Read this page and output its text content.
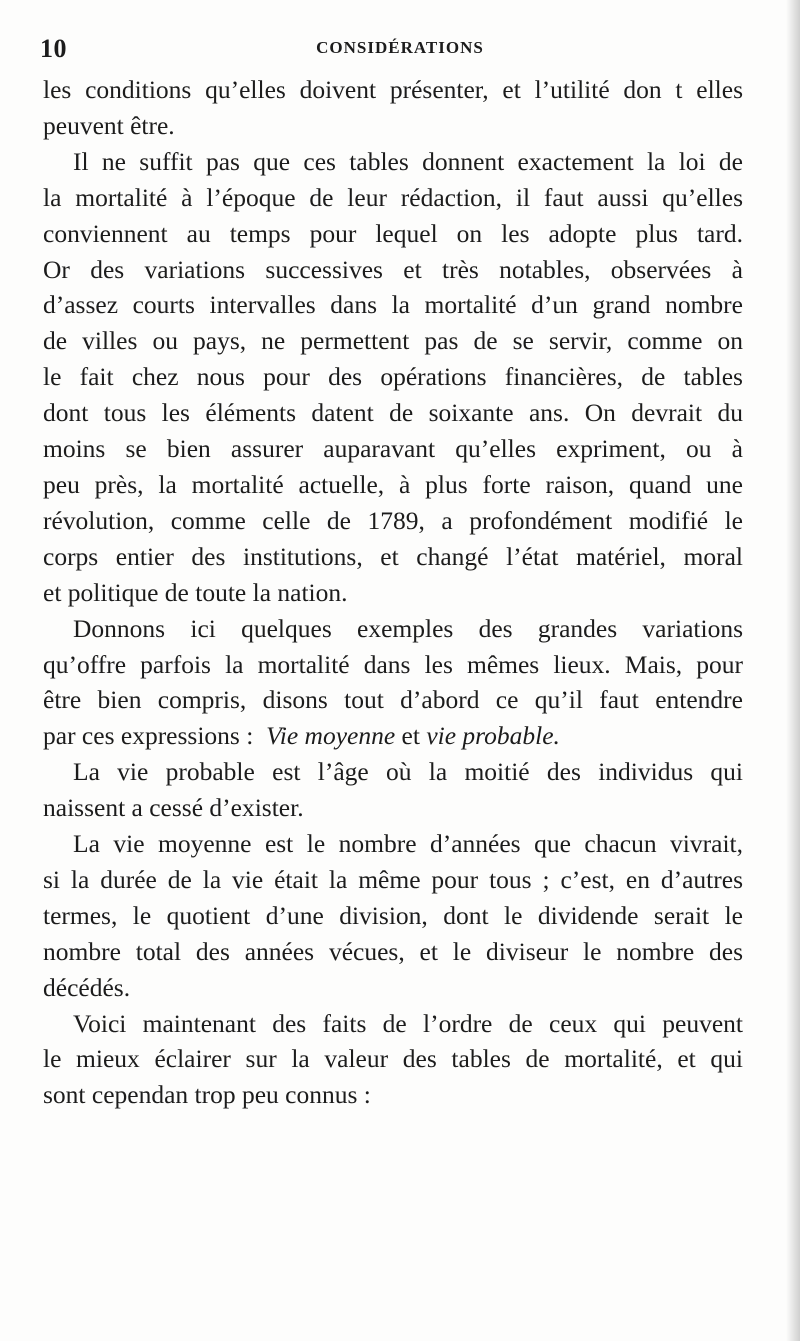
10	CONSIDÉRATIONS

les conditions qu’elles doivent présenter, et l’utilité don t elles
peuvent être.

Il ne suffit pas que ces tables donnent exactement la loi de
la mortalité à l’époque de leur rédaction, il faut aussi qu’elles
conviennent au temps pour lequel on les adopte plus tard.
Or des variations successives et très notables, observées à
d’assez courts intervalles dans la mortalité d’un grand nombre
de villes ou pays, ne permettent pas de se servir, comme on
le fait chez nous pour des opérations financières, de tables
dont tous les éléments datent de soixante ans. On devrait du
moins se bien assurer auparavant qu’elles expriment, ou à
peu près, la mortalité actuelle, à plus forte raison, quand une
révolution, comme celle de 1789, a profondément modifié le
corps entier des institutions, et changé l’état matériel, moral
et politique de toute la nation.

Donnons ici quelques exemples des grandes variations
qu’offre parfois la mortalité dans les mêmes lieux. Mais, pour
être bien compris, disons tout d’abord ce qu’il faut entendre
par ces expressions : Vie moyenne et vie probable.

La vie probable est l’âge où la moitié des individus qui
naissent a cessé d’exister.

La vie moyenne est le nombre d’années que chacun vivrait,
si la durée de la vie était la même pour tous ; c’est, en d’autres
termes, le quotient d’une division, dont le dividende serait le
nombre total des années vécues, et le diviseur le nombre des
décédés.

Voici maintenant des faits de l’ordre de ceux qui peuvent
le mieux éclairer sur la valeur des tables de mortalité, et qui
sont cependan trop peu connus :
